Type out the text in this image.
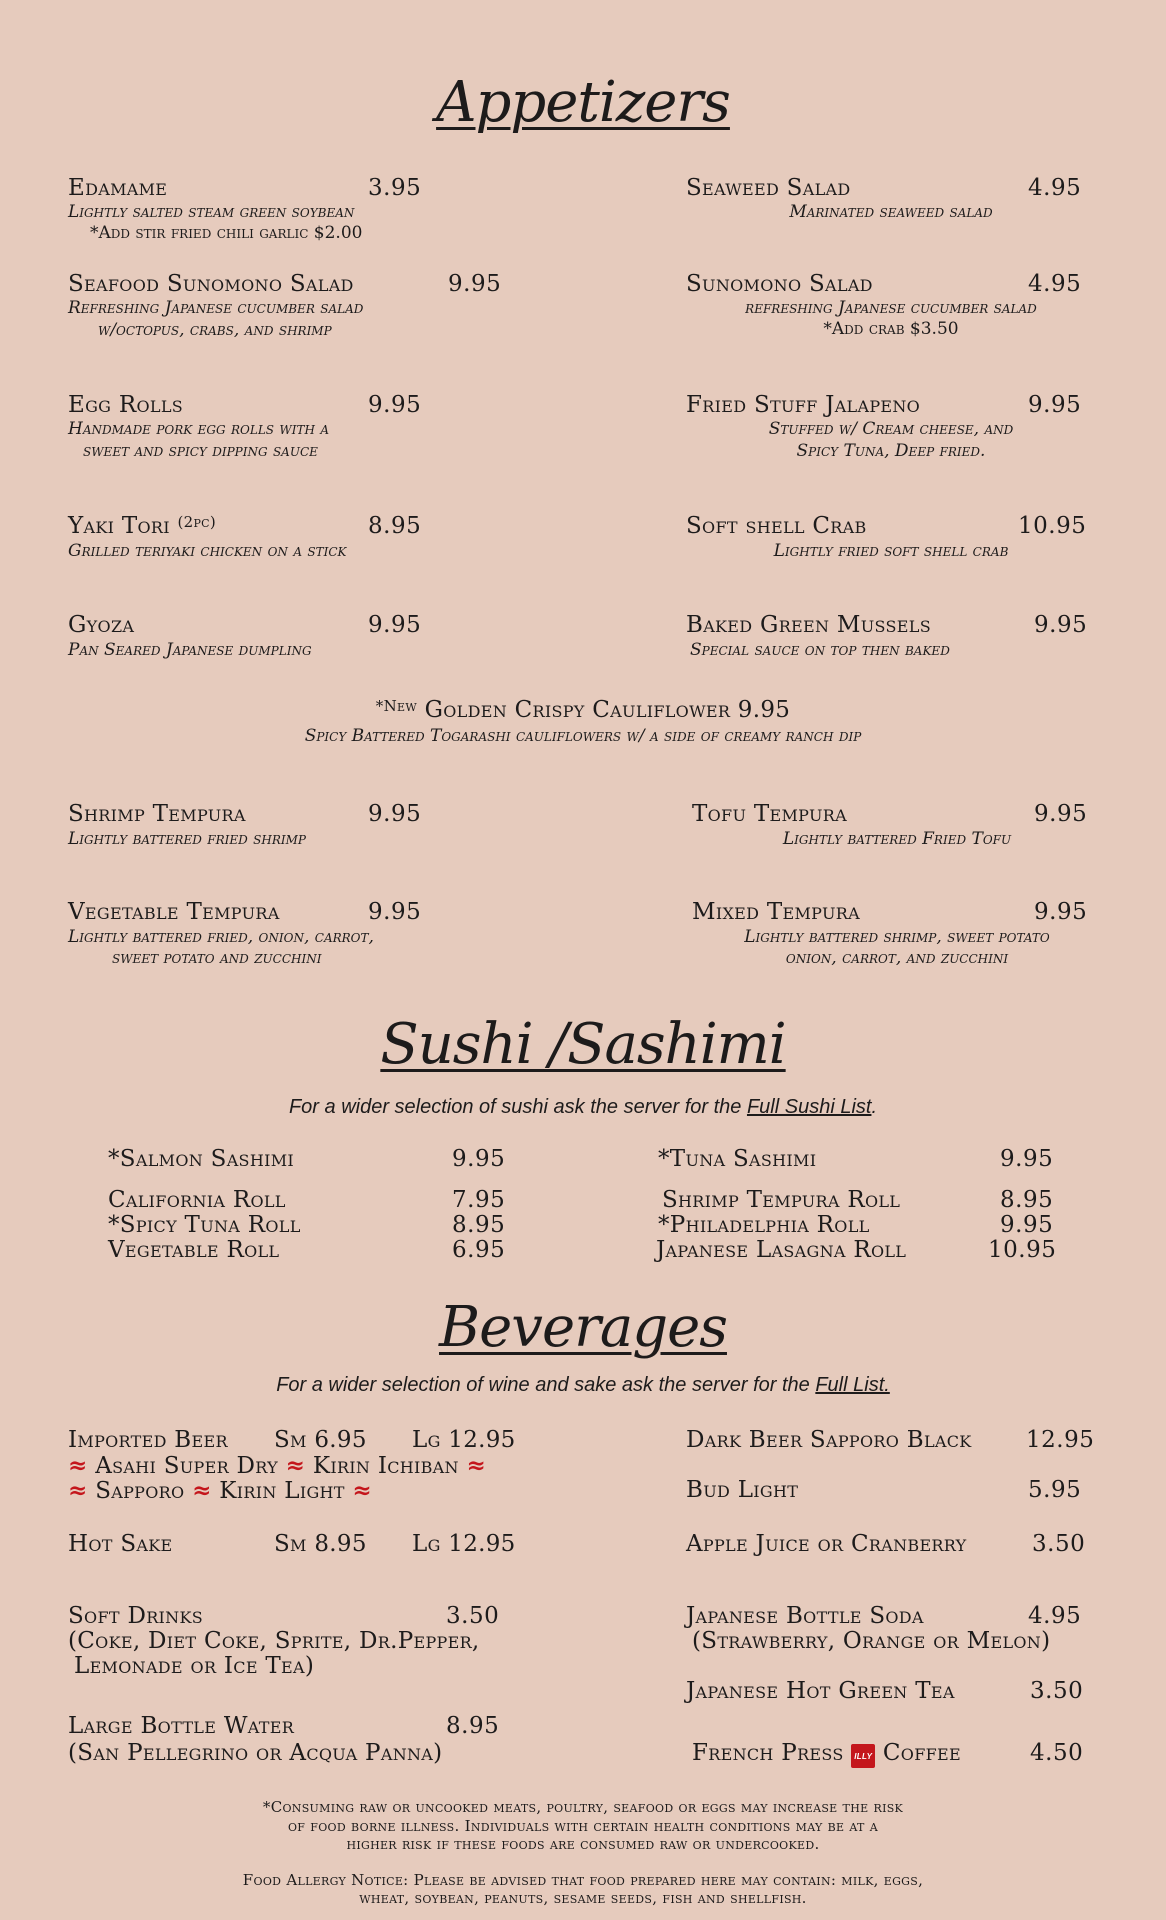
Appetizers
Edamame	3.95
Lightly salted steam green soybean
*Add stir fried chili garlic $2.00
Seaweed Salad	4.95
Marinated seaweed salad
Seafood Sunomono Salad	9.95
Refreshing Japanese cucumber salad
w/octopus, crabs, and shrimp
Sunomono Salad	4.95
refreshing Japanese cucumber salad
*Add crab $3.50
Egg Rolls	9.95
Handmade pork egg rolls with a
sweet and spicy dipping sauce
Fried Stuff Jalapeno	9.95
Stuffed w/ Cream cheese, and
Spicy Tuna, Deep fried.
Yaki Tori $^{(2pc)}$	8.95
Grilled teriyaki chicken on a stick
Soft shell Crab	10.95
Lightly fried soft shell crab
Gyoza	9.95
Pan Seared Japanese dumpling
Baked Green Mussels	9.95
Special sauce on top then baked
$^{*New}$ Golden Crispy Cauliflower 9.95
Spicy Battered Togarashi cauliflowers w/ a side of creamy ranch dip
Shrimp Tempura	9.95
Lightly battered fried shrimp
Tofu Tempura	9.95
Lightly battered Fried Tofu
Vegetable Tempura	9.95
Lightly battered fried, onion, carrot,
sweet potato and zucchini
Mixed Tempura	9.95
Lightly battered shrimp, sweet potato
onion, carrot, and zucchini
Sushi /Sashimi
For a wider selection of sushi ask the server for the Full Sushi List.
*Salmon Sashimi	9.95
California Roll	7.95
*Spicy Tuna Roll	8.95
Vegetable Roll	6.95
*Tuna Sashimi	9.95
Shrimp Tempura Roll	8.95
*Philadelphia Roll	9.95
Japanese Lasagna Roll	10.95
Beverages
For a wider selection of wine and sake ask the server for the Full List.
Imported Beer Sm 6.95 Lg 12.95
≈ Asahi Super Dry ≈ Kirin Ichiban ≈
≈ Sapporo ≈ Kirin Light ≈
Hot Sake	Sm 8.95 Lg 12.95
Soft Drinks	3.50
(Coke, Diet Coke, Sprite, Dr.Pepper,
Lemonade or Ice Tea)
Large Bottle Water	8.95
(San Pellegrino or Acqua Panna)
Dark Beer Sapporo Black 12.95
Bud Light	5.95
Apple Juice or Cranberry	3.50
Japanese Bottle Soda	4.95
(Strawberry, Orange or Melon)
Japanese Hot Green Tea	3.50
French Press illy Coffee	4.50
*Consuming raw or uncooked meats, poultry, seafood or eggs may increase the risk
of food borne illness. Individuals with certain health conditions may be at a
higher risk if these foods are consumed raw or undercooked.
Food Allergy Notice: Please be advised that food prepared here may contain: milk, eggs,
wheat, soybean, peanuts, sesame seeds, fish and shellfish.
